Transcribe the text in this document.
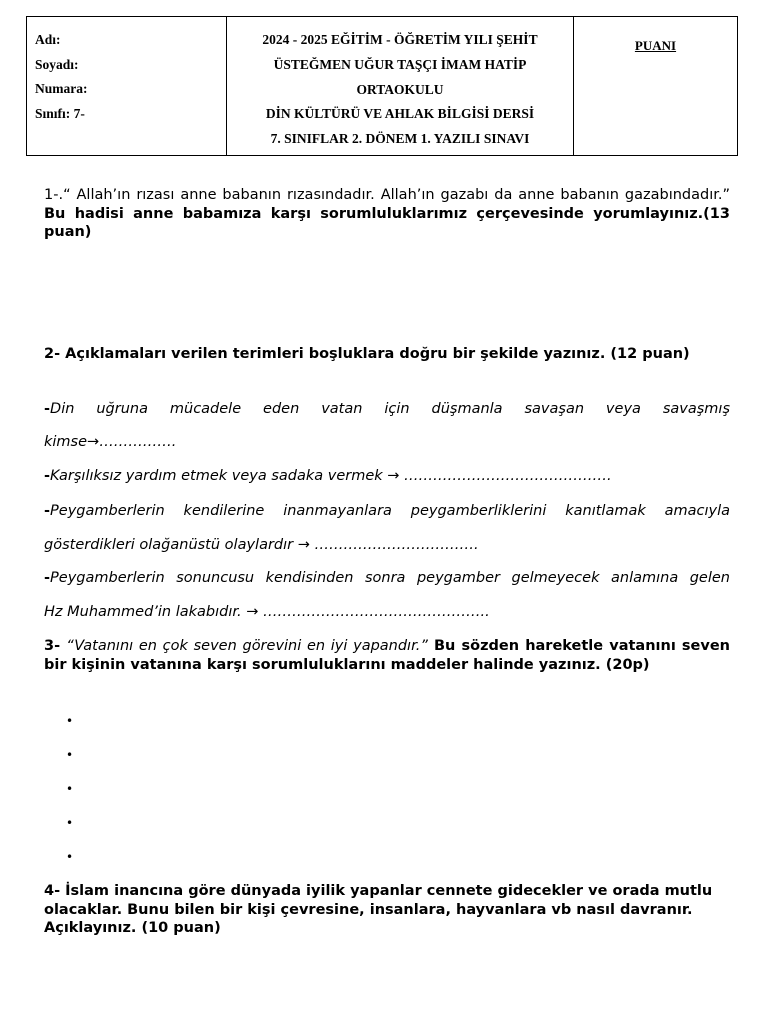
Adı:
Soyadı:
Numara:
Sınıfı: 7-

2024 - 2025 EĞİTİM - ÖĞRETİM YILI ŞEHİT
ÜSTEĞMEN UĞUR TAŞÇI İMAM HATİP
ORTAOKULU
DİN KÜLTÜRÜ VE AHLAK BİLGİSİ DERSİ
7. SINIFLAR 2. DÖNEM 1. YAZILI SINAVI

PUANI
1-.“ Allah’ın rızası anne babanın rızasındadır. Allah’ın gazabı da anne babanın gazabındadır.” Bu hadisi anne babamıza karşı sorumluluklarımız çerçevesinde yorumlayınız.(13 puan)
2- Açıklamaları verilen terimleri boşluklara doğru bir şekilde yazınız. (12 puan)
-Din uğruna mücadele eden vatan için düşmanla savaşan veya savaşmış
kimse→…………….
-Karşılıksız yardım etmek veya sadaka vermek → …………………………………….
-Peygamberlerin kendilerine inanmayanlara peygamberliklerini kanıtlamak amacıyla
gösterdikleri olağanüstü olaylardır → …………………………….
-Peygamberlerin sonuncusu kendisinden sonra peygamber gelmeyecek anlamına gelen
Hz Muhammed’in lakabıdır. → ………………………………………..
3- “Vatanını en çok seven görevini en iyi yapandır.” Bu sözden hareketle vatanını seven bir kişinin vatanına karşı sorumluluklarını maddeler halinde yazınız. (20p)
•
•
•
•
•
4- İslam inancına göre dünyada iyilik yapanlar cennete gidecekler ve orada mutlu olacaklar. Bunu bilen bir kişi çevresine, insanlara, hayvanlara vb nasıl davranır. Açıklayınız. (10 puan)
